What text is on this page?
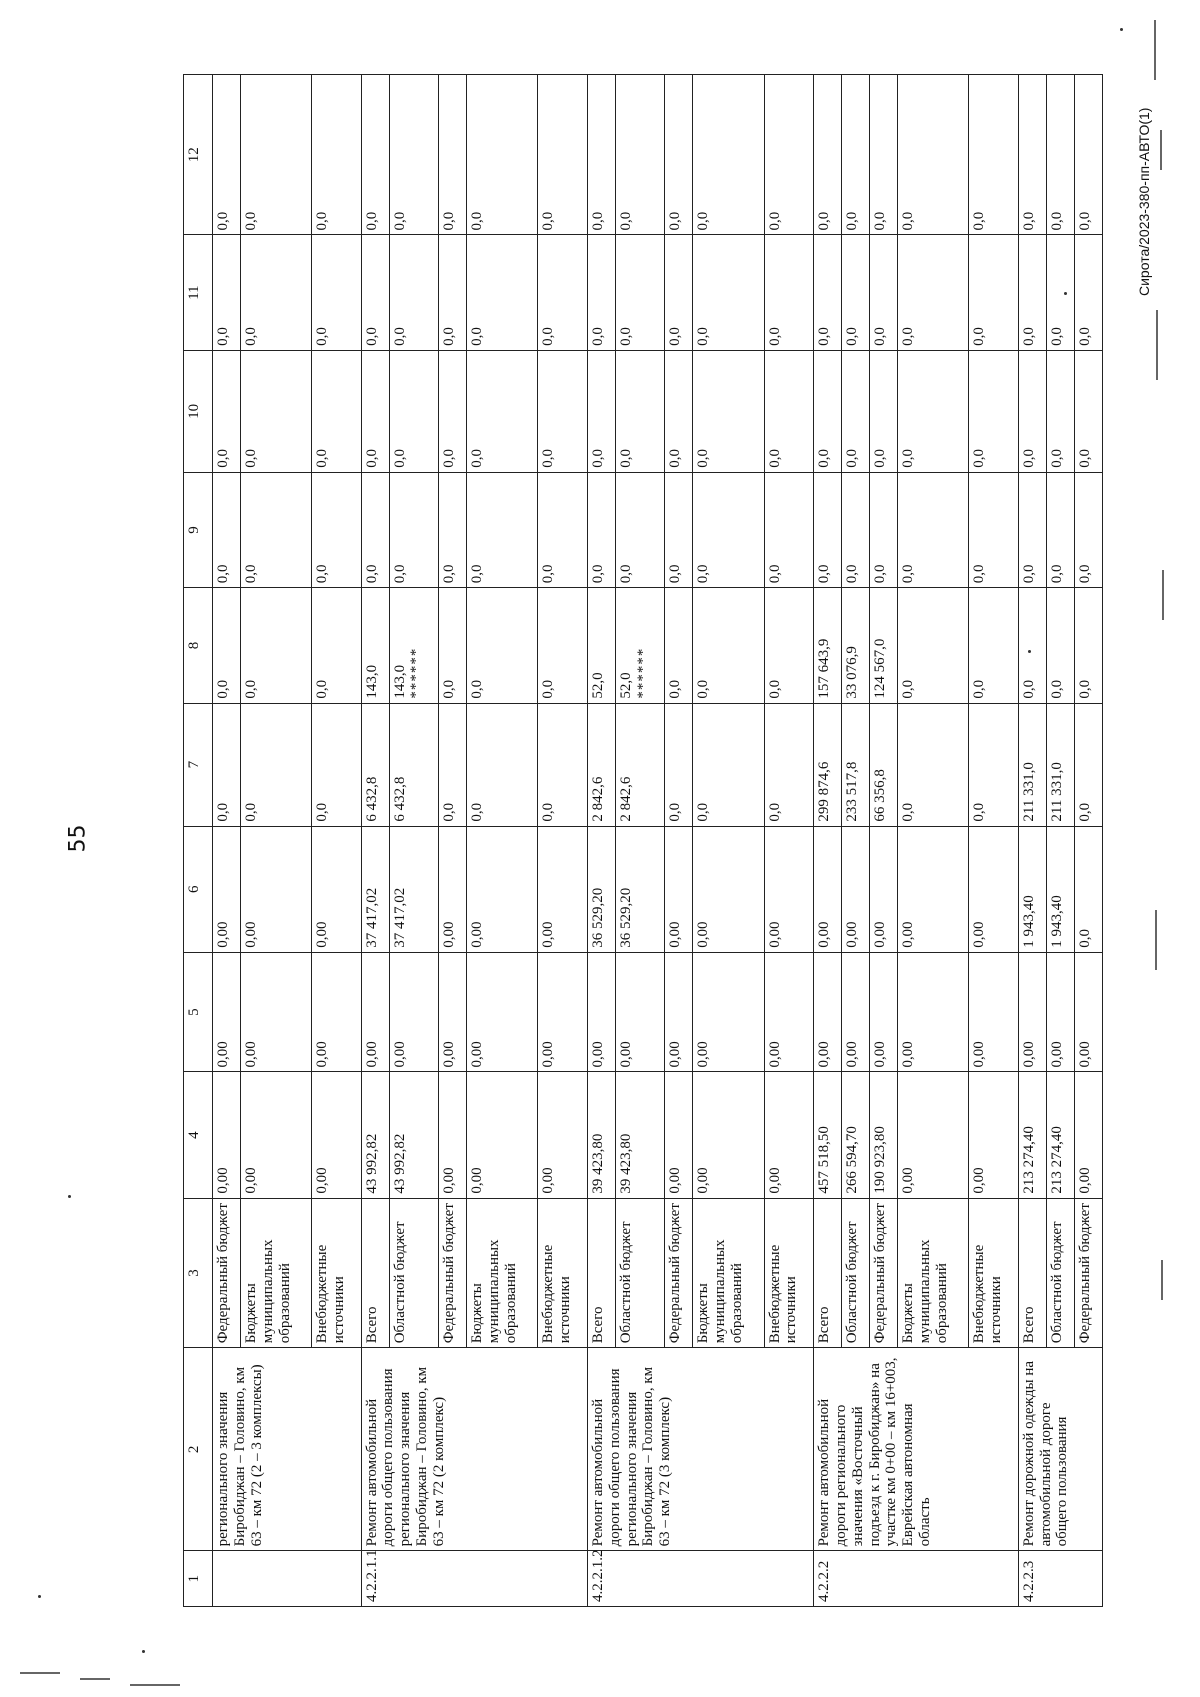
55
Сирота/2023-380-пп-АВТО(1)
1	2	3	4	5	6	7	8	9	10	11	12
	регионального значения Биробиджан – Головино, км 63 – км 72 (2 – 3 комплексы)	Федеральный бюджет	0,00	0,00	0,00	0,0	0,0	0,0	0,0	0,0	0,0
		Бюджеты муниципальных образований	0,00	0,00	0,00	0,0	0,0	0,0	0,0	0,0	0,0
		Внебюджетные источники	0,00	0,00	0,00	0,0	0,0	0,0	0,0	0,0	0,0
4.2.2.1.1	Ремонт автомобильной дороги общего пользования регионального значения Биробиджан – Головино, км 63 – км 72 (2 комплекс)	Всего	43 992,82	0,00	37 417,02	6 432,8	143,0	0,0	0,0	0,0	0,0
		Областной бюджет	43 992,82	0,00	37 417,02	6 432,8	143,0 ******	0,0	0,0	0,0	0,0
		Федеральный бюджет	0,00	0,00	0,00	0,0	0,0	0,0	0,0	0,0	0,0
		Бюджеты муниципальных образований	0,00	0,00	0,00	0,0	0,0	0,0	0,0	0,0	0,0
		Внебюджетные источники	0,00	0,00	0,00	0,0	0,0	0,0	0,0	0,0	0,0
4.2.2.1.2	Ремонт автомобильной дороги общего пользования регионального значения Биробиджан – Головино, км 63 – км 72 (3 комплекс)	Всего	39 423,80	0,00	36 529,20	2 842,6	52,0	0,0	0,0	0,0	0,0
		Областной бюджет	39 423,80	0,00	36 529,20	2 842,6	52,0 ******	0,0	0,0	0,0	0,0
		Федеральный бюджет	0,00	0,00	0,00	0,0	0,0	0,0	0,0	0,0	0,0
		Бюджеты муниципальных образований	0,00	0,00	0,00	0,0	0,0	0,0	0,0	0,0	0,0
		Внебюджетные источники	0,00	0,00	0,00	0,0	0,0	0,0	0,0	0,0	0,0
4.2.2.2	Ремонт автомобильной дороги регионального значения «Восточный подъезд к г. Биробиджан» на участке км 0+00 – км 16+003, Еврейская автономная область	Всего	457 518,50	0,00	0,00	299 874,6	157 643,9	0,0	0,0	0,0	0,0
		Областной бюджет	266 594,70	0,00	0,00	233 517,8	33 076,9	0,0	0,0	0,0	0,0
		Федеральный бюджет	190 923,80	0,00	0,00	66 356,8	124 567,0	0,0	0,0	0,0	0,0
		Бюджеты муниципальных образований	0,00	0,00	0,00	0,0	0,0	0,0	0,0	0,0	0,0
		Внебюджетные источники	0,00	0,00	0,00	0,0	0,0	0,0	0,0	0,0	0,0
4.2.2.3	Ремонт дорожной одежды на автомобильной дороге общего пользования	Всего	213 274,40	0,00	1 943,40	211 331,0	0,0	0,0	0,0	0,0	0,0
		Областной бюджет	213 274,40	0,00	1 943,40	211 331,0	0,0	0,0	0,0	0,0	0,0
		Федеральный бюджет	0,00	0,00	0,0	0,0	0,0	0,0	0,0	0,0	0,0
